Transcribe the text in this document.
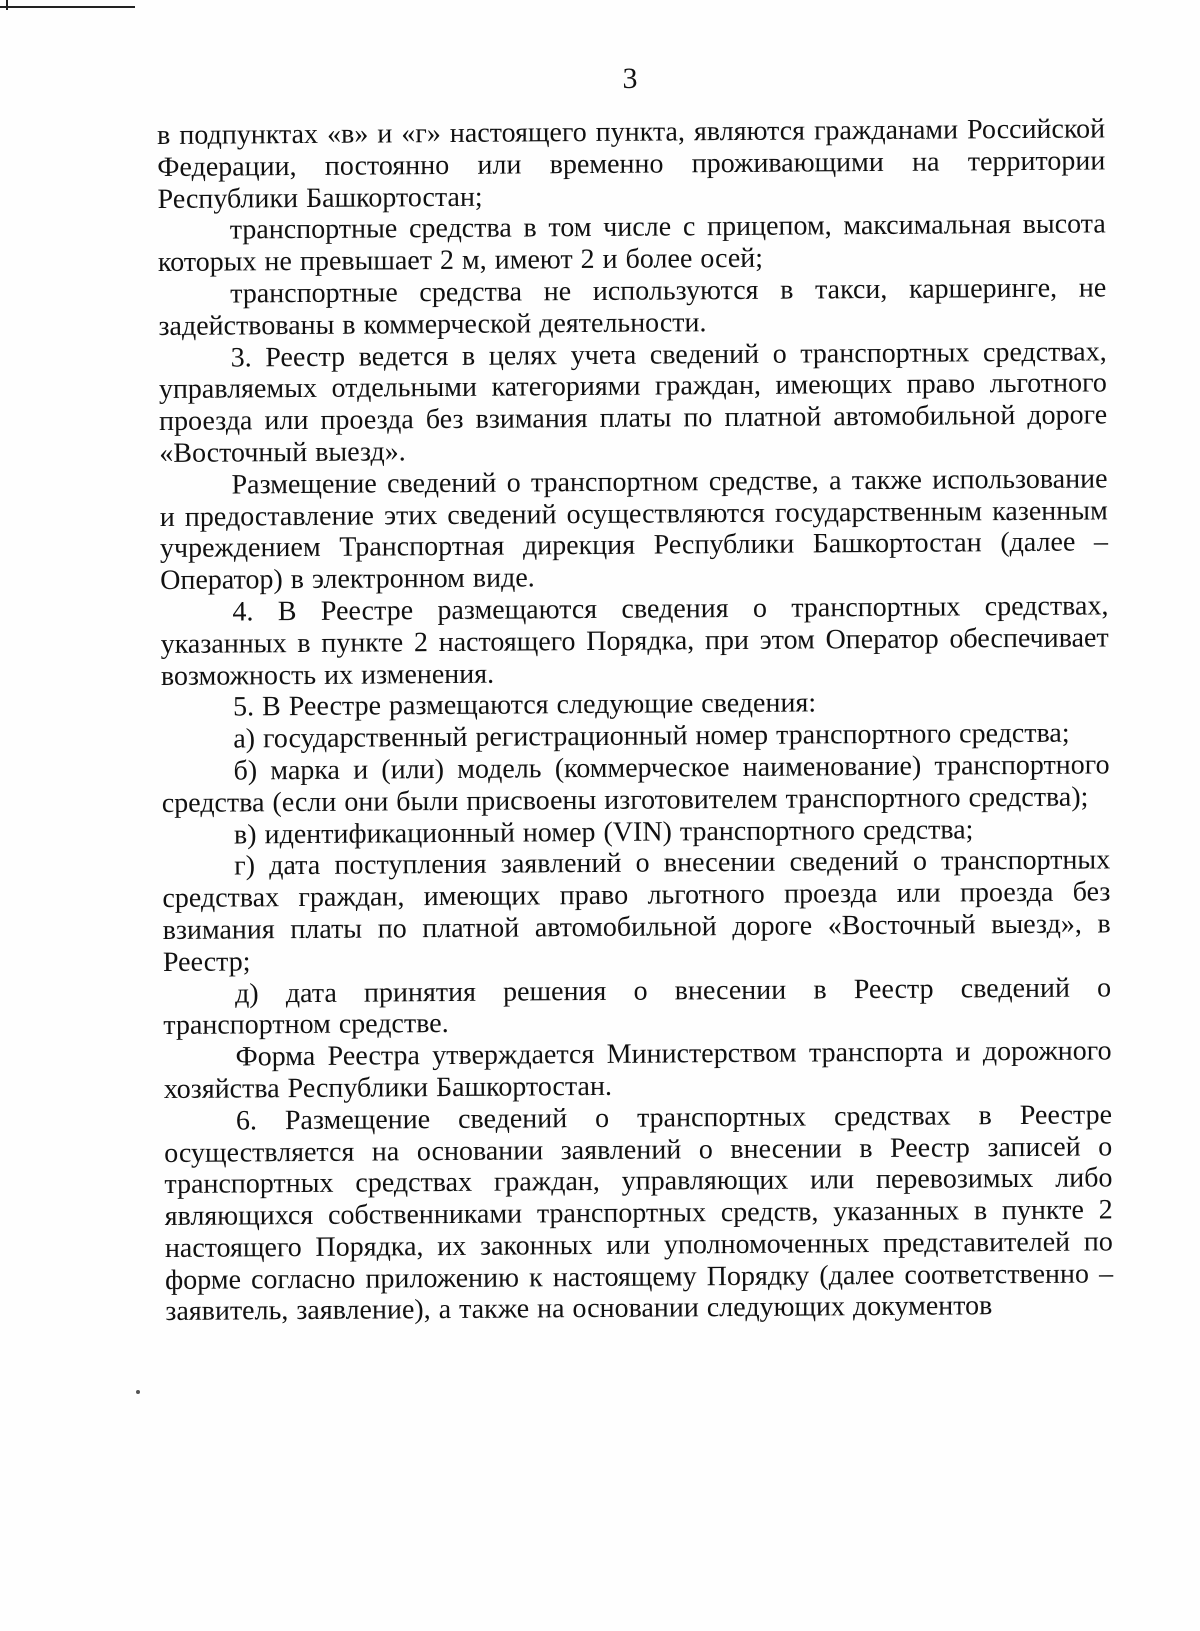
3

в подпунктах «в» и «г» настоящего пункта, являются гражданами Российской Федерации, постоянно или временно проживающими на территории Республики Башкортостан;

транспортные средства в том числе с прицепом, максимальная высота которых не превышает 2 м, имеют 2 и более осей;

транспортные средства не используются в такси, каршеринге, не задействованы в коммерческой деятельности.

3. Реестр ведется в целях учета сведений о транспортных средствах, управляемых отдельными категориями граждан, имеющих право льготного проезда или проезда без взимания платы по платной автомобильной дороге «Восточный выезд».

Размещение сведений о транспортном средстве, а также использование и предоставление этих сведений осуществляются государственным казенным учреждением Транспортная дирекция Республики Башкортостан (далее – Оператор) в электронном виде.

4. В Реестре размещаются сведения о транспортных средствах, указанных в пункте 2 настоящего Порядка, при этом Оператор обеспечивает возможность их изменения.

5. В Реестре размещаются следующие сведения:

а) государственный регистрационный номер транспортного средства;

б) марка и (или) модель (коммерческое наименование) транспортного средства (если они были присвоены изготовителем транспортного средства);

в) идентификационный номер (VIN) транспортного средства;

г) дата поступления заявлений о внесении сведений о транспортных средствах граждан, имеющих право льготного проезда или проезда без взимания платы по платной автомобильной дороге «Восточный выезд», в Реестр;

д) дата принятия решения о внесении в Реестр сведений о транспортном средстве.

Форма Реестра утверждается Министерством транспорта и дорожного хозяйства Республики Башкортостан.

6. Размещение сведений о транспортных средствах в Реестре осуществляется на основании заявлений о внесении в Реестр записей о транспортных средствах граждан, управляющих или перевозимых либо являющихся собственниками транспортных средств, указанных в пункте 2 настоящего Порядка, их законных или уполномоченных представителей по форме согласно приложению к настоящему Порядку (далее соответственно – заявитель, заявление), а также на основании следующих документов
